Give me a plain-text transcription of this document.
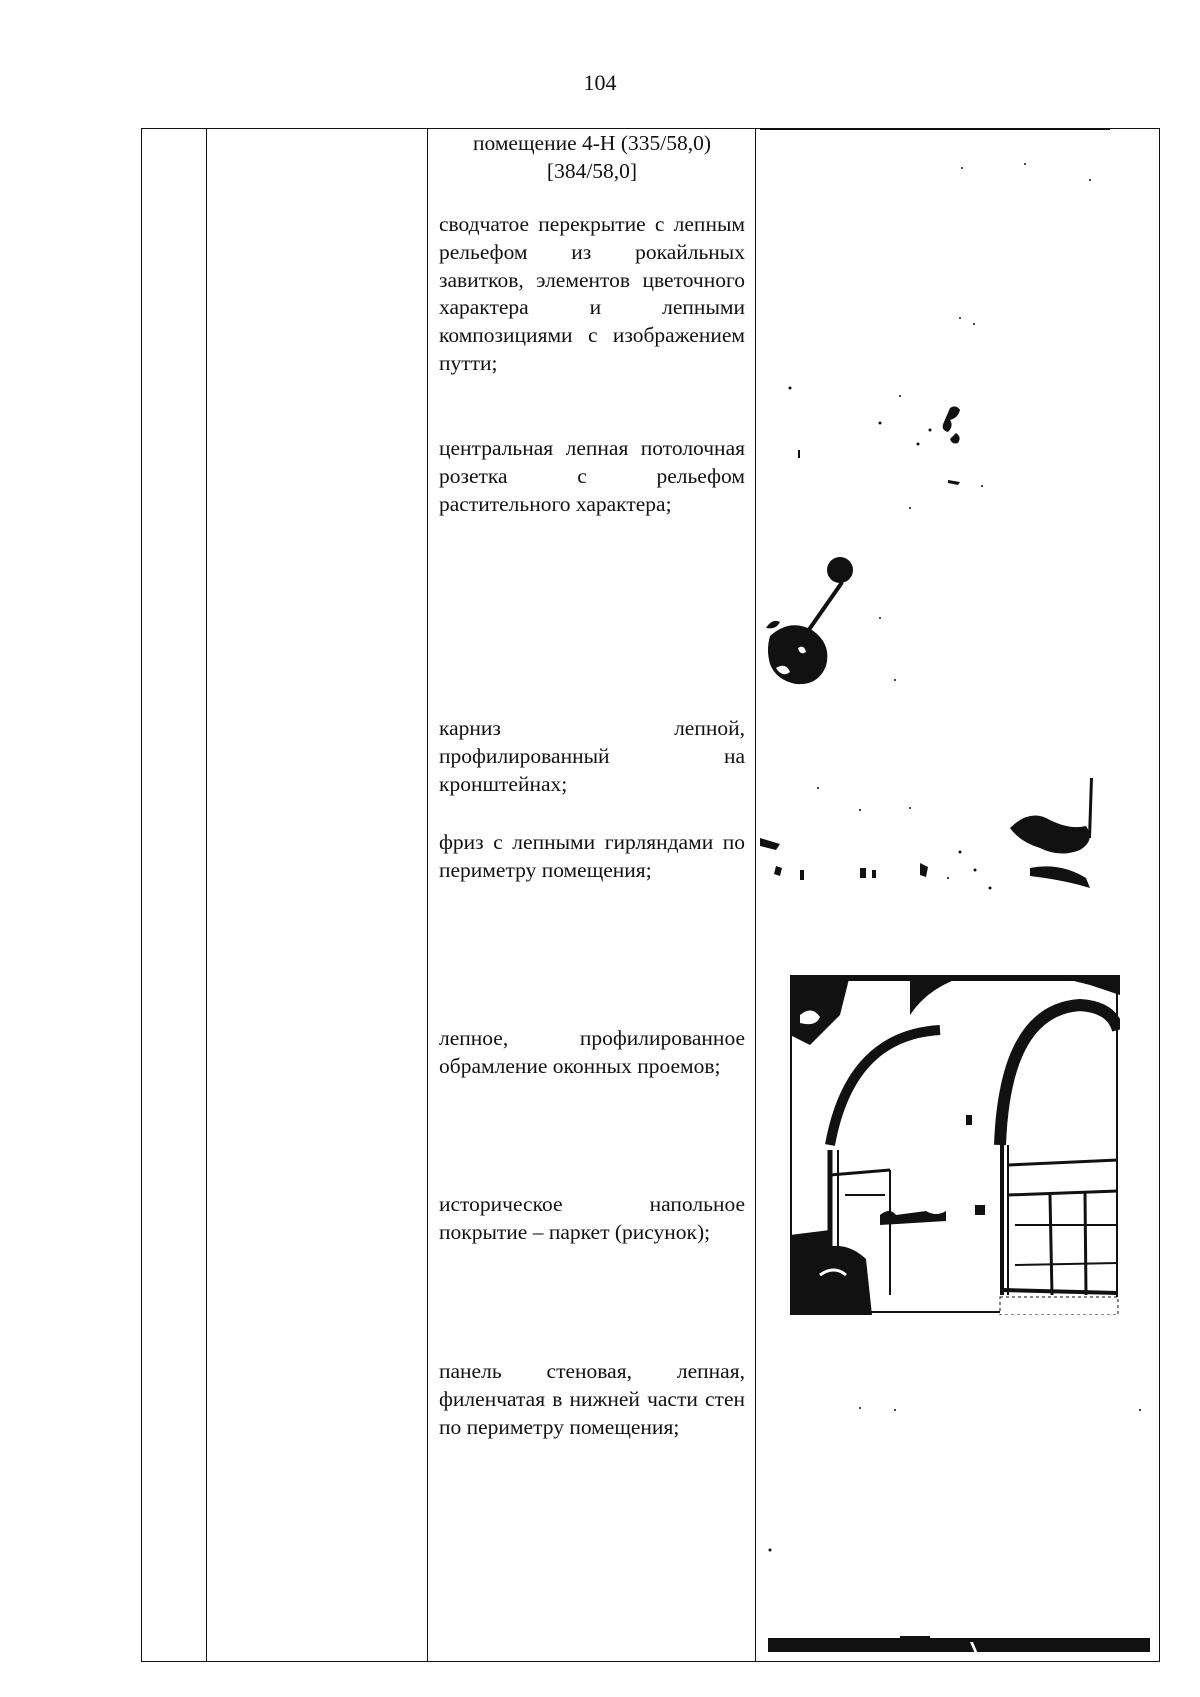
104
помещение 4-Н (335/58,0) [384/58,0]
сводчатое перекрытие с лепным рельефом из рокайльных завитков, элементов цветочного характера и лепными композициями с изображением путти;
центральная лепная потолочная розетка с рельефом растительного характера;
карниз лепной, профилированный на кронштейнах;
фриз с лепными гирляндами по периметру помещения;
лепное, профилированное обрамление оконных проемов;
историческое напольное покрытие – паркет (рисунок);
панель стеновая, лепная, филенчатая в нижней части стен по периметру помещения;
